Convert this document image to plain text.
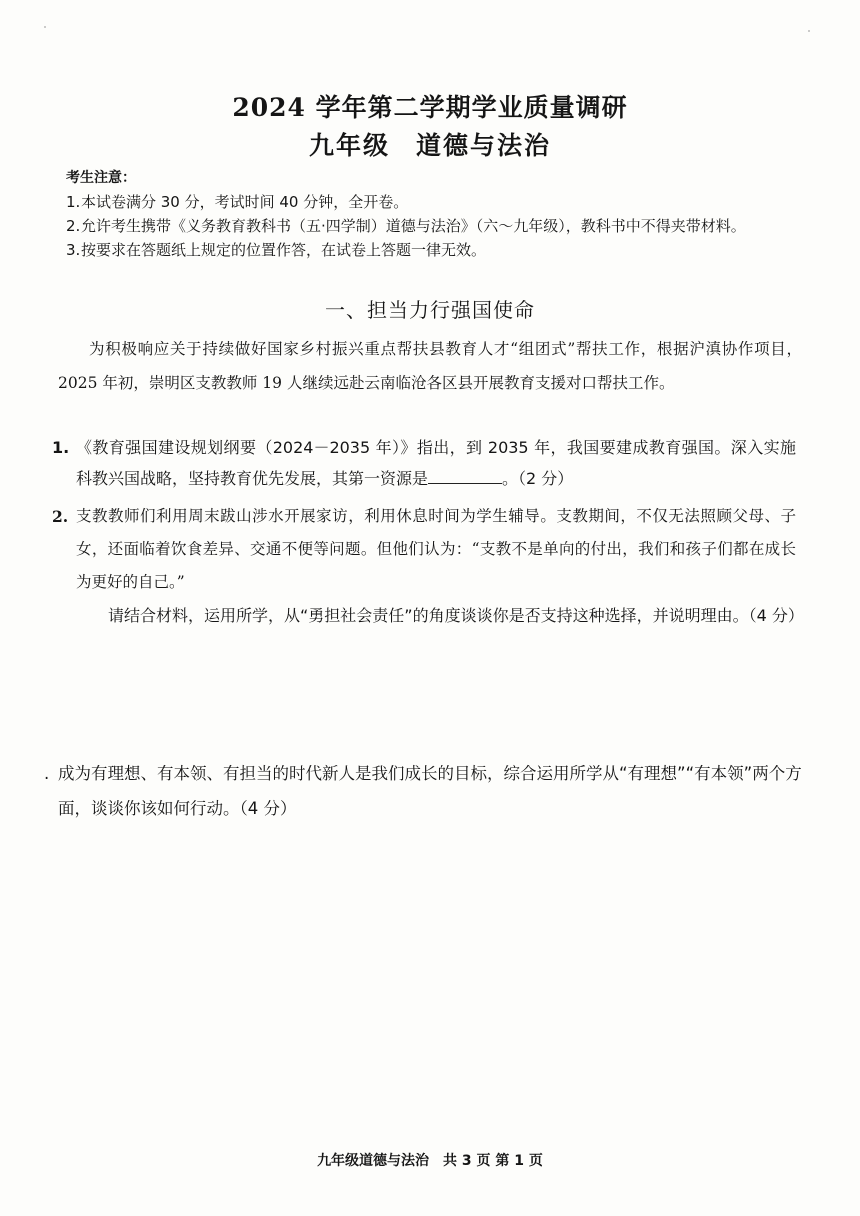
2024 学年第二学期学业质量调研
九年级 道德与法治
考生注意：
1. 本试卷满分 30 分，考试时间 40 分钟，全开卷。
2. 允许考生携带《义务教育教科书（五·四学制）道德与法治》（六～九年级），教科书中不得夹带材料。
3. 按要求在答题纸上规定的位置作答，在试卷上答题一律无效。
一、担当力行强国使命
为积极响应关于持续做好国家乡村振兴重点帮扶县教育人才“组团式”帮扶工作，根据沪滇协作项目，2025 年初，崇明区支教教师 19 人继续远赴云南临沧各区县开展教育支援对口帮扶工作。
1. 《教育强国建设规划纲要（2024－2035 年）》指出，到 2035 年，我国要建成教育强国。深入实施科教兴国战略，坚持教育优先发展，其第一资源是	。（2 分）
2. 支教教师们利用周末跋山涉水开展家访，利用休息时间为学生辅导。支教期间，不仅无法照顾父母、子女，还面临着饮食差异、交通不便等问题。但他们认为：“支教不是单向的付出，我们和孩子们都在成长为更好的自己。”
请结合材料，运用所学，从“勇担社会责任”的角度谈谈你是否支持这种选择，并说明理由。（4 分）
. 成为有理想、有本领、有担当的时代新人是我们成长的目标，综合运用所学从“有理想”“有本领”两个方面，谈谈你该如何行动。（4 分）
九年级道德与法治　共 3 页 第 1 页
